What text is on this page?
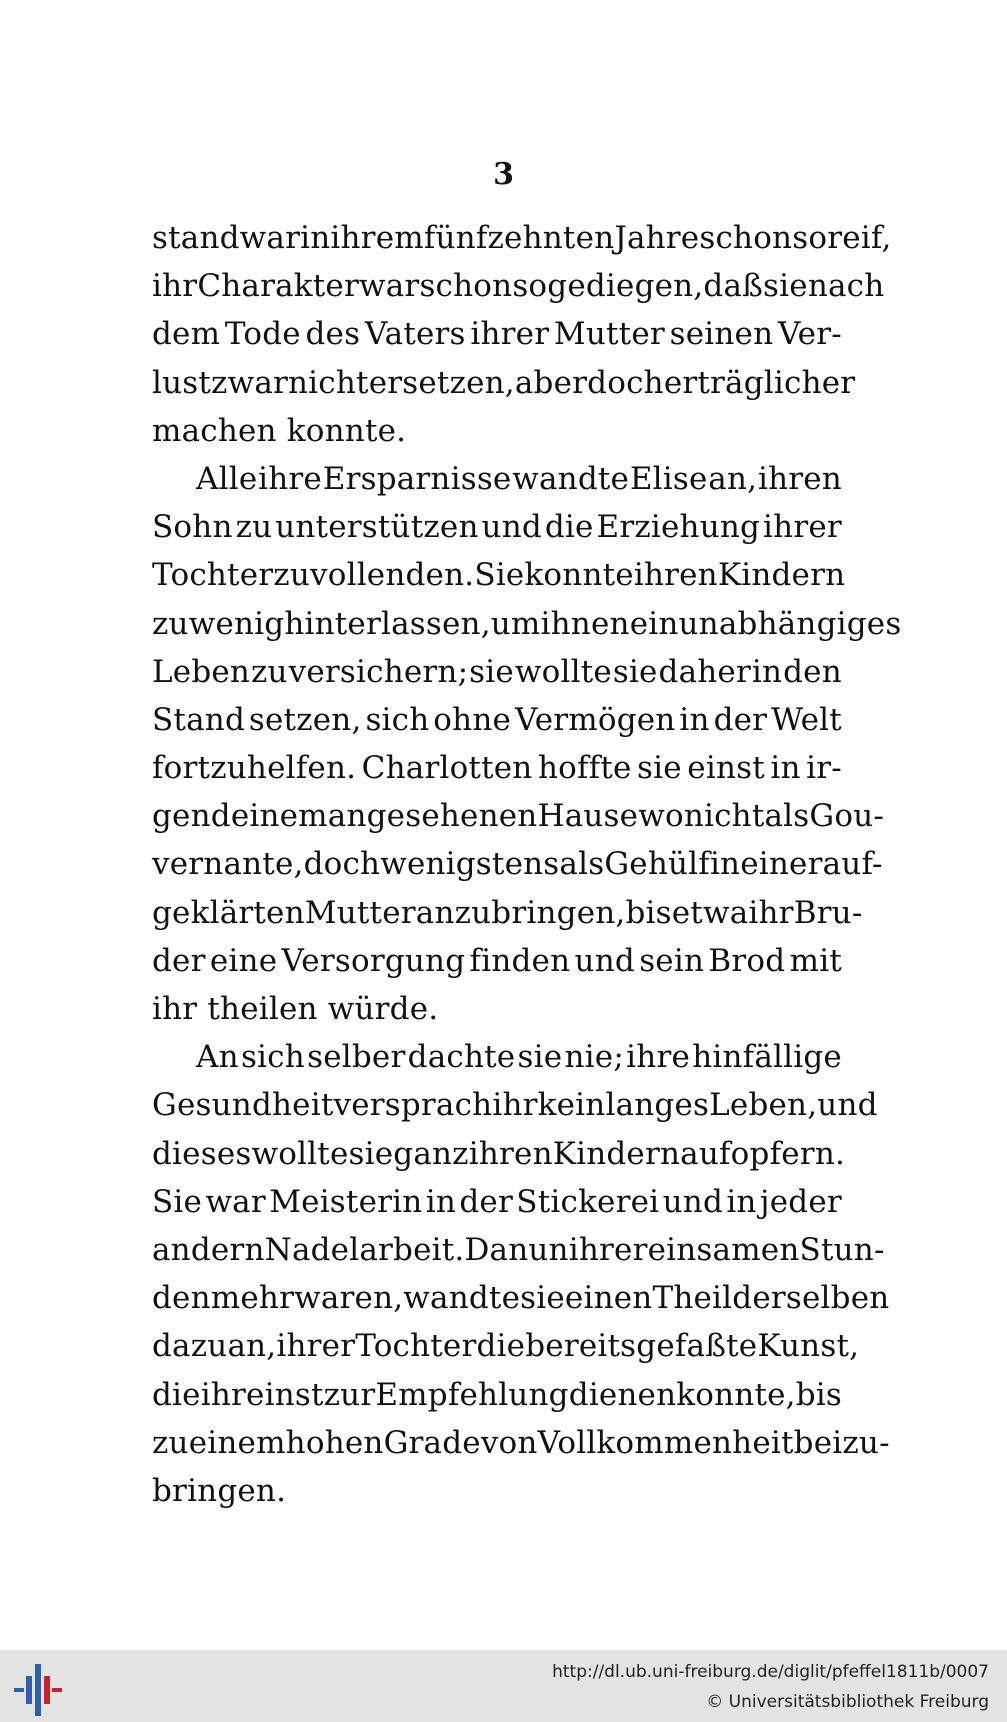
3
stand war in ihrem fünfzehnten Jahre schon so reif,
ihr Charakter war schon so gediegen, daß sie nach
dem Tode des Vaters ihrer Mutter seinen Ver-
lust zwar nicht ersetzen, aber doch erträglicher
machen
konnte.
Alle ihre Ersparnisse wandte Elise an, ihren
Sohn zu unterstützen und die Erziehung ihrer
Tochter zu vollenden. Sie konnte ihren Kindern
zu wenig hinterlassen, um ihnen ein unabhängiges
Leben zu versichern; sie wollte sie daher in den
Stand setzen, sich ohne Vermögen in der Welt
fortzuhelfen. Charlotten hoffte sie einst in ir-
gend einem angesehenen Hause wo nicht als Gou-
vernante, doch wenigstens als Gehülfin einer auf-
geklärten Mutter anzubringen, bis etwa ihr Bru-
der eine Versorgung finden und sein Brod mit
ihr
theilen
würde.
An sich selber dachte sie nie; ihre hinfällige
Gesundheit versprach ihr kein langes Leben, und
dieses wollte sie ganz ihren Kindern aufopfern.
Sie war Meisterin in der Stickerei und in jeder
andern Nadelarbeit. Da nun ihrer einsamen Stun-
den mehr waren, wandte sie einen Theil derselben
dazu an, ihrer Tochter die bereits gefaßte Kunst,
die ihr einst zur Empfehlung dienen konnte, bis
zu einem hohen Grade von Vollkommenheit beizu-
bringen.
http://dl.ub.uni-freiburg.de/diglit/pfeffel1811b/0007
© Universitätsbibliothek Freiburg
